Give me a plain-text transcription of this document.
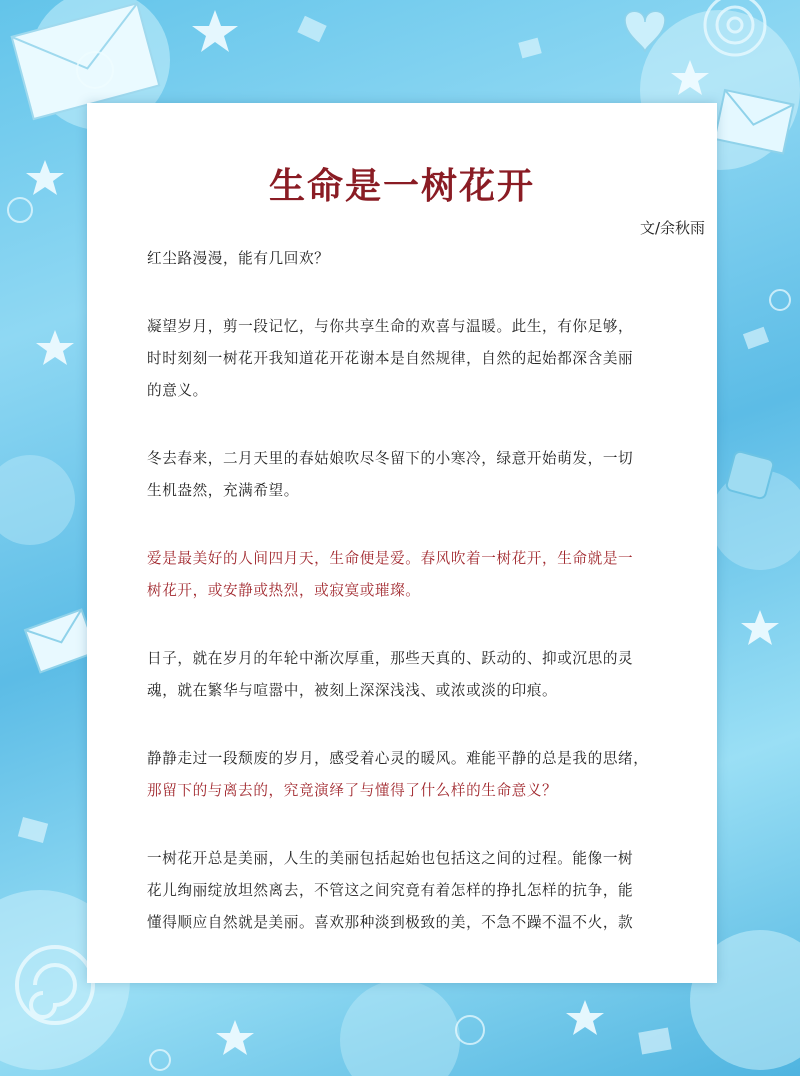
生命是一树花开
文/余秋雨
红尘路漫漫，能有几回欢？
凝望岁月，剪一段记忆，与你共享生命的欢喜与温暖。此生，有你足够，
时时刻刻一树花开我知道花开花谢本是自然规律，自然的起始都深含美丽
的意义。
冬去春来，二月天里的春姑娘吹尽冬留下的小寒冷，绿意开始萌发，一切
生机盎然，充满希望。
爱是最美好的人间四月天，生命便是爱。春风吹着一树花开，生命就是一
树花开，或安静或热烈，或寂寞或璀璨。
日子，就在岁月的年轮中渐次厚重，那些天真的、跃动的、抑或沉思的灵
魂，就在繁华与喧嚣中，被刻上深深浅浅、或浓或淡的印痕。
静静走过一段颓废的岁月，感受着心灵的暖风。难能平静的总是我的思绪，
那留下的与离去的，究竟演绎了与懂得了什么样的生命意义？
一树花开总是美丽，人生的美丽包括起始也包括这之间的过程。能像一树
花儿绚丽绽放坦然离去，不管这之间究竟有着怎样的挣扎怎样的抗争，能
懂得顺应自然就是美丽。喜欢那种淡到极致的美，不急不躁不温不火，款
